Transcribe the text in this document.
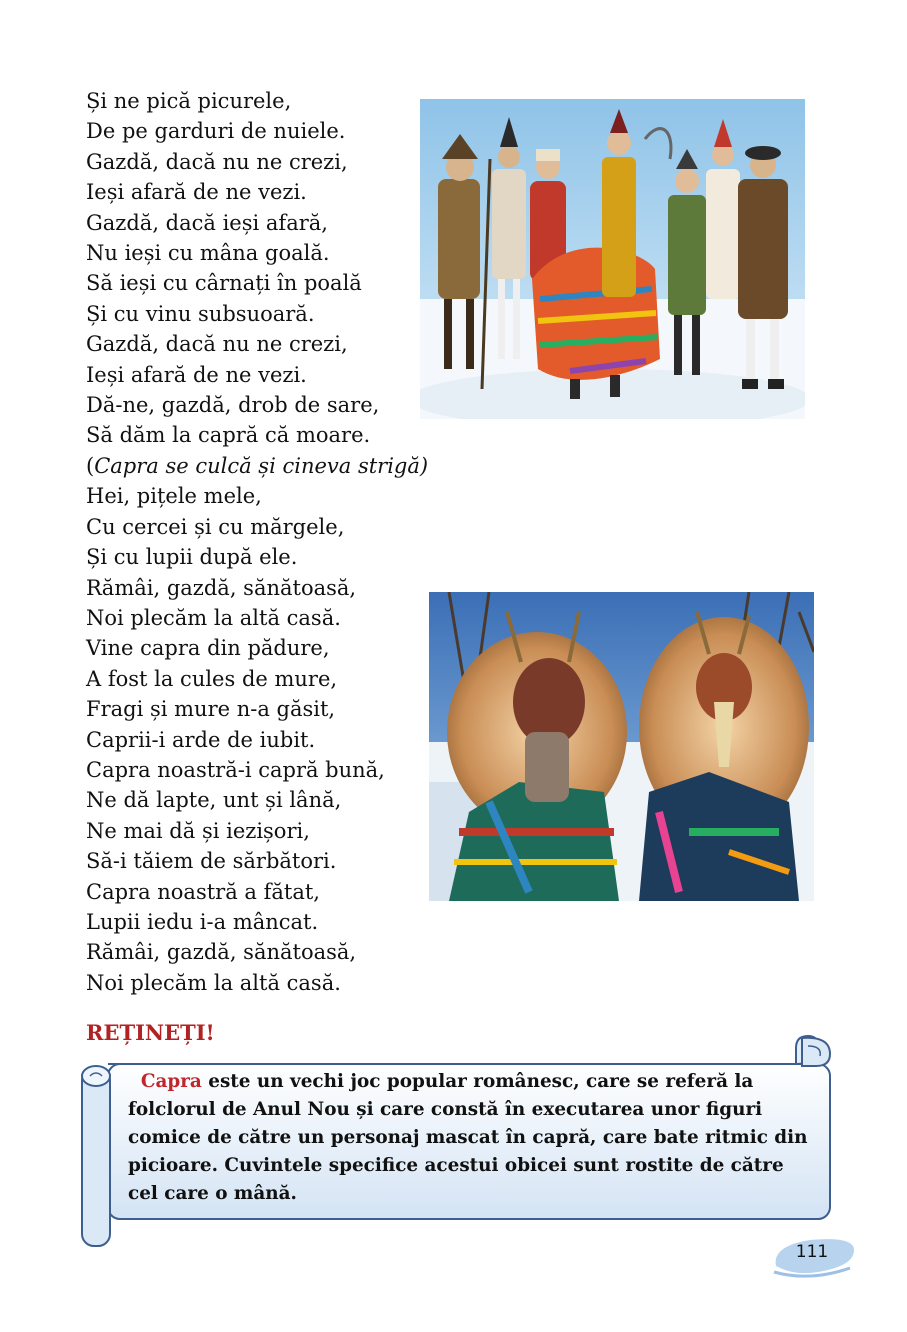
Și ne pică picurele,
De pe garduri de nuiele.
Gazdă, dacă nu ne crezi,
Ieși afară de ne vezi.
Gazdă, dacă ieși afară,
Nu ieși cu mâna goală.
Să ieși cu cârnați în poală
Și cu vinu subsuoară.
Gazdă, dacă nu ne crezi,
Ieși afară de ne vezi.
Dă-ne, gazdă, drob de sare,
Să dăm la capră că moare.
(Capra se culcă și cineva strigă)
Hei, pițele mele,
Cu cercei și cu mărgele,
Și cu lupii după ele.
Rămâi, gazdă, sănătoasă,
Noi plecăm la altă casă.
Vine capra din pădure,
A fost la cules de mure,
Fragi și mure n-a găsit,
Caprii-i arde de iubit.
Capra noastră-i capră bună,
Ne dă lapte, unt și lână,
Ne mai dă și iezișori,
Să-i tăiem de sărbători.
Capra noastră a fătat,
Lupii iedu i-a mâncat.
Rămâi, gazdă, sănătoasă,
Noi plecăm la altă casă.
REȚINEȚI!
Capra este un vechi joc popular românesc, care se referă la folclorul de Anul Nou și care constă în executarea unor figuri comice de către un personaj mascat în capră, care bate ritmic din picioare. Cuvintele specifice acestui obicei sunt rostite de către cel care o mână.
111
